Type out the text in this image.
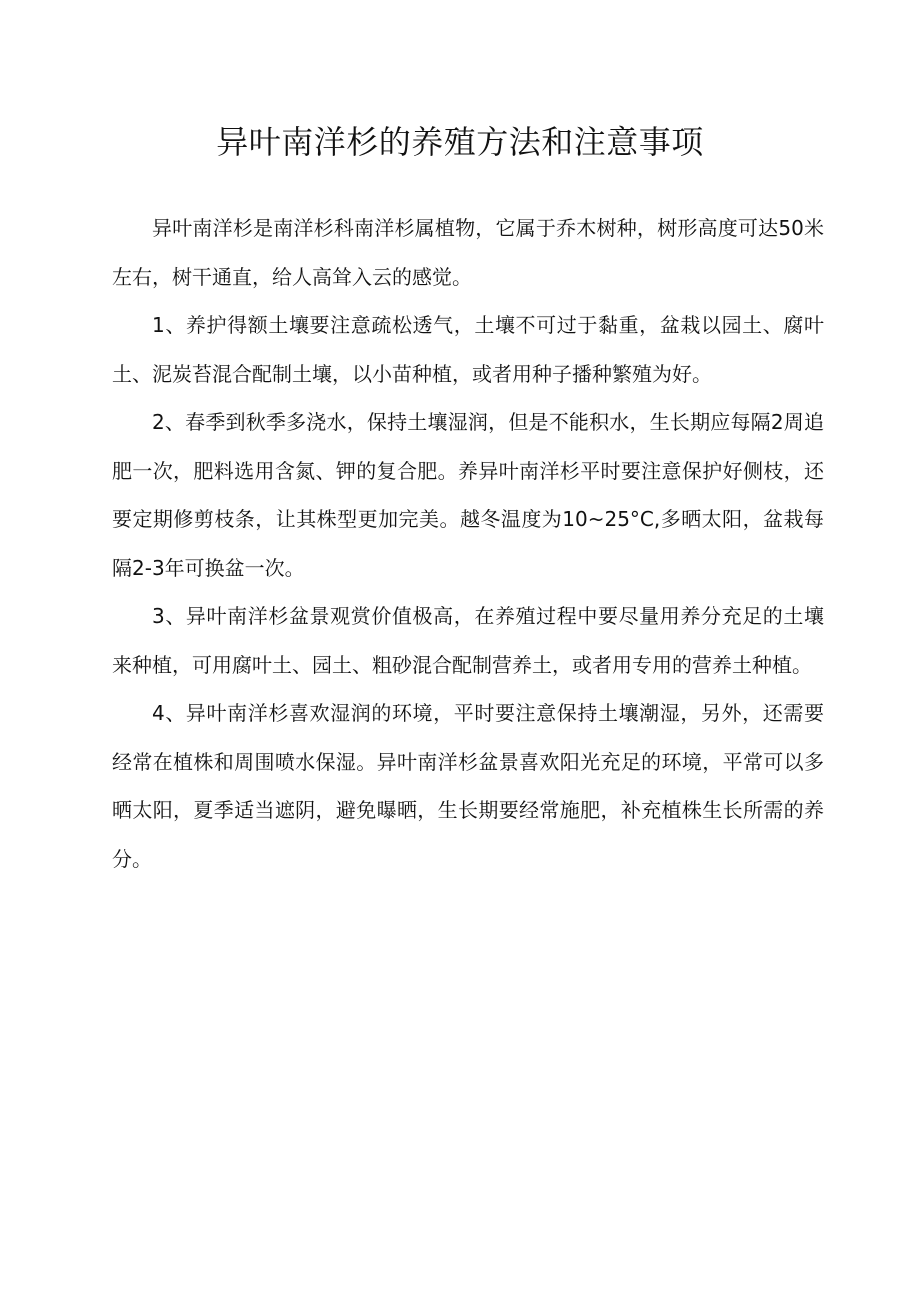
异叶南洋杉的养殖方法和注意事项

异叶南洋杉是南洋杉科南洋杉属植物，它属于乔木树种，树形高度可达50米左右，树干通直，给人高耸入云的感觉。

1、养护得额土壤要注意疏松透气，土壤不可过于黏重，盆栽以园土、腐叶土、泥炭苔混合配制土壤，以小苗种植，或者用种子播种繁殖为好。

2、春季到秋季多浇水，保持土壤湿润，但是不能积水，生长期应每隔2周追肥一次，肥料选用含氮、钾的复合肥。养异叶南洋杉平时要注意保护好侧枝，还要定期修剪枝条，让其株型更加完美。越冬温度为10~25°C,多晒太阳，盆栽每隔2-3年可换盆一次。

3、异叶南洋杉盆景观赏价值极高，在养殖过程中要尽量用养分充足的土壤来种植，可用腐叶土、园土、粗砂混合配制营养土，或者用专用的营养土种植。

4、异叶南洋杉喜欢湿润的环境，平时要注意保持土壤潮湿，另外，还需要经常在植株和周围喷水保湿。异叶南洋杉盆景喜欢阳光充足的环境，平常可以多晒太阳，夏季适当遮阴，避免曝晒，生长期要经常施肥，补充植株生长所需的养分。
